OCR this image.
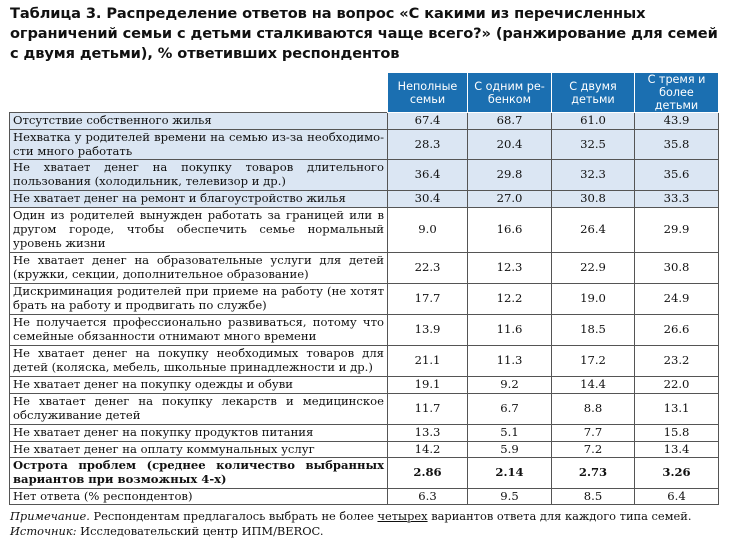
Таблица 3. Распределение ответов на вопрос «С какими из перечисленных ограничений семьи с детьми сталкиваются чаще всего?» (ранжирование для семей с двумя детьми), % ответивших респондентов
	Неполные семьи	С одним ребенком	С двумя детьми	С тремя и более детьми
Отсутствие собственного жилья	67.4	68.7	61.0	43.9
Нехватка у родителей времени на семью из-за необходимости много работать	28.3	20.4	32.5	35.8
Не хватает денег на покупку товаров длительного пользования (холодильник, телевизор и др.)	36.4	29.8	32.3	35.6
Не хватает денег на ремонт и благоустройство жилья	30.4	27.0	30.8	33.3
Один из родителей вынужден работать за границей или в другом городе, чтобы обеспечить семье нормальный уровень жизни	9.0	16.6	26.4	29.9
Не хватает денег на образовательные услуги для детей (кружки, секции, дополнительное образование)	22.3	12.3	22.9	30.8
Дискриминация родителей при приеме на работу (не хотят брать на работу и продвигать по службе)	17.7	12.2	19.0	24.9
Не получается профессионально развиваться, потому что семейные обязанности отнимают много времени	13.9	11.6	18.5	26.6
Не хватает денег на покупку необходимых товаров для детей (коляска, мебель, школьные принадлежности и др.)	21.1	11.3	17.2	23.2
Не хватает денег на покупку одежды и обуви	19.1	9.2	14.4	22.0
Не хватает денег на покупку лекарств и медицинское обслуживание детей	11.7	6.7	8.8	13.1
Не хватает денег на покупку продуктов питания	13.3	5.1	7.7	15.8
Не хватает денег на оплату коммунальных услуг	14.2	5.9	7.2	13.4
Острота проблем (среднее количество выбранных вариантов при возможных 4-х)	2.86	2.14	2.73	3.26
Нет ответа (% респондентов)	6.3	9.5	8.5	6.4
Примечание. Респондентам предлагалось выбрать не более четырех вариантов ответа для каждого типа семей.
Источник: Исследовательский центр ИПМ/BEROC.
